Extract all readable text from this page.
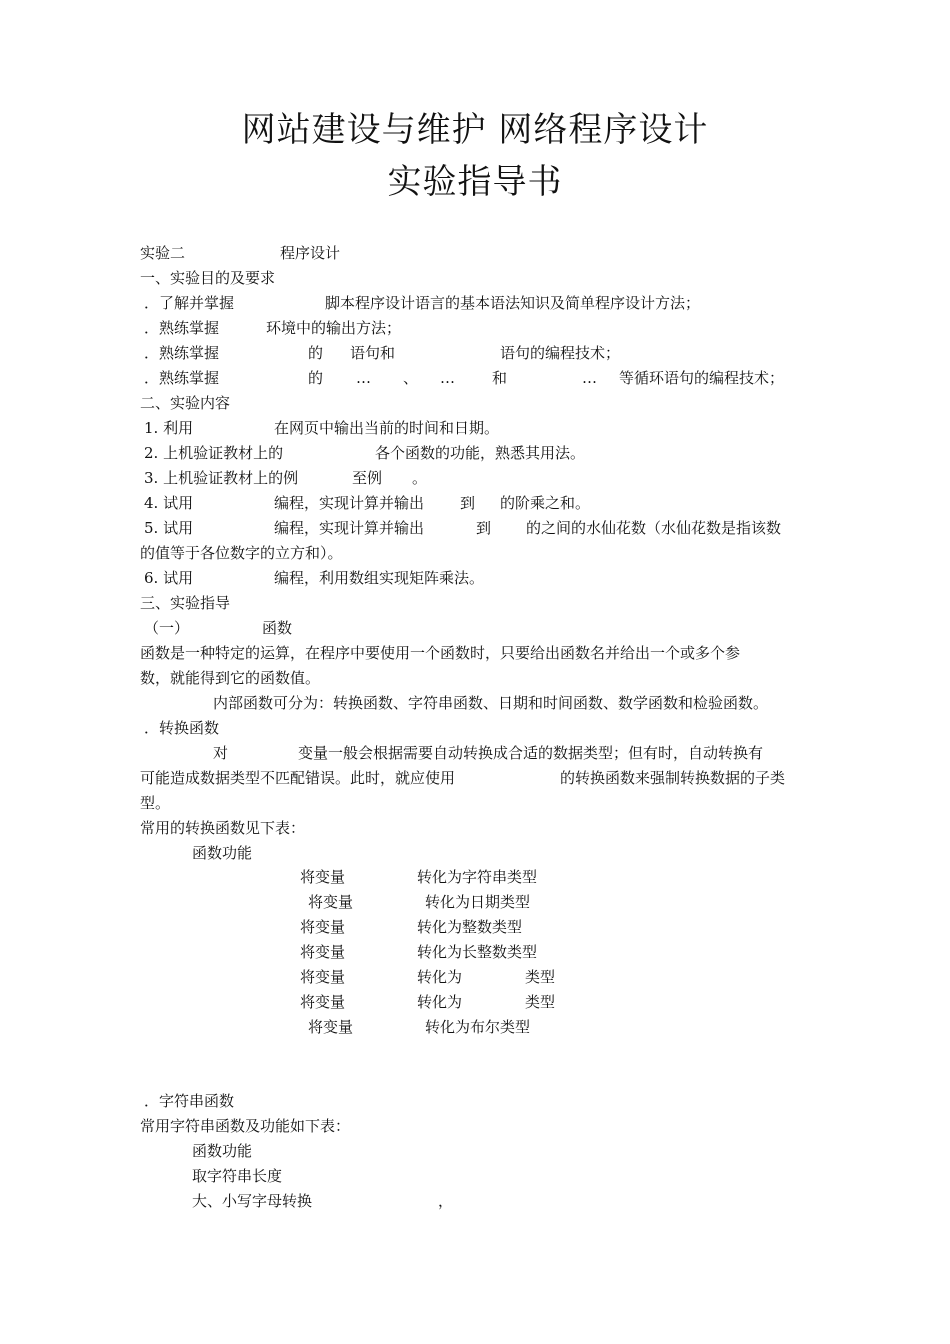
网站建设与维护 网络程序设计
实验指导书
实验二	程序设计
一、实验目的及要求
．了解并掌握	脚本程序设计语言的基本语法知识及简单程序设计方法；
．熟练掌握	环境中的输出方法；
．熟练掌握	的 语句和	语句的编程技术；
．熟练掌握	的 … 、 … 和	… 等循环语句的编程技术；
二、实验内容
1. 利用	在网页中输出当前的时间和日期。
2. 上机验证教材上的	各个函数的功能，熟悉其用法。
3. 上机验证教材上的例	至例 。
4. 试用	编程，实现计算并输出 到 的阶乘之和。
5. 试用	编程，实现计算并输出	到 的之间的水仙花数（水仙花数是指该数
的值等于各位数字的立方和）。
6. 试用	编程，利用数组实现矩阵乘法。
三、实验指导
（一）	函数
函数是一种特定的运算，在程序中要使用一个函数时，只要给出函数名并给出一个或多个参
数，就能得到它的函数值。
内部函数可分为：转换函数、字符串函数、日期和时间函数、数学函数和检验函数。
．转换函数
对	变量一般会根据需要自动转换成合适的数据类型；但有时，自动转换有
可能造成数据类型不匹配错误。此时，就应使用	的转换函数来强制转换数据的子类
型。
常用的转换函数见下表：
函数功能
将变量	转化为字符串类型
将变量	转化为日期类型
将变量	转化为整数类型
将变量	转化为长整数类型
将变量	转化为	类型
将变量	转化为	类型
将变量	转化为布尔类型
．字符串函数
常用字符串函数及功能如下表：
函数功能
取字符串长度
大、小写字母转换	，
